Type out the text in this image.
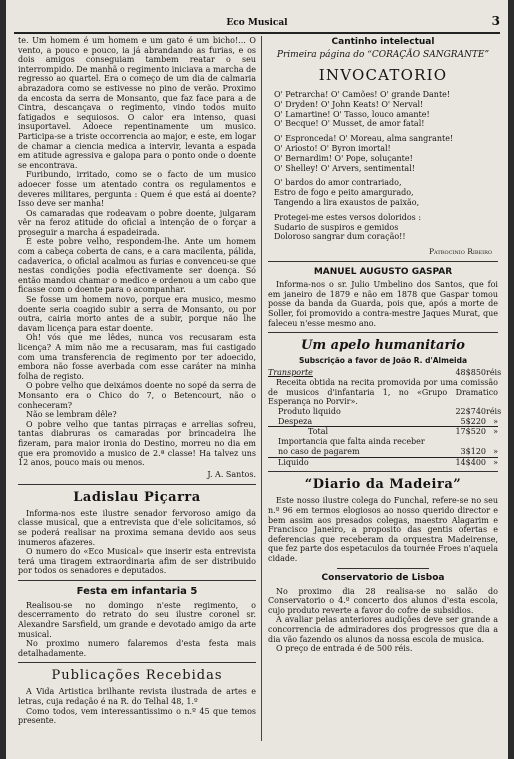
Eco Musical	3

te. Um homem é um homem e um gato é um bicho!... O vento, a pouco e pouco, ia já abrandando as furias, e os dois amigos conseguiam tambem reatar o seu interrompido. De manhã o regimento iniciava a marcha de regresso ao quartel. Era o começo de um dia de calmaria abrazadora como se estivesse no pino de verão. Proximo da encosta da serra de Monsanto, que faz face para a de Cintra, descançava o regimento, vindo todos muito fatigados e sequiosos. O calor era intenso, quasi insuportavel. Adoece repentinamente um musico. Participa-se a triste occorrencia ao major, e este, em logar de chamar a ciencia medica a intervir, levanta a espada em atitude agressiva e galopa para o ponto onde o doente se encontrava.

Furibundo, irritado, como se o facto de um musico adoecer fosse um atentado contra os regulamentos e deveres militares, pergunta : Quem é que está ai doente? Isso deve ser manha!

Os camaradas que rodeavam o pobre doente, julgaram vêr na feroz atitude do oficial a intenção de o forçar a proseguir a marcha á espadeirada.

É este pobre velho, respondem-lhe. Ante um homem com a cabeça coberta de cans, e a cara macilenta, pálida, cadaverica, o oficial acalmou as furias e convenceu-se que nestas condições podia efectivamente ser doença. Só então mandou chamar o medico e ordenou a um cabo que ficasse com o doente para o acompanhar.

Se fosse um homem novo, porque era musico, mesmo doente seria coagido subir a serra de Monsanto, ou por outra, cairia morto antes de a subir, porque não lhe davam licença para estar doente.

Oh! vós que me lêdes, nunca vos recusaram esta licença? A mim não me a recusaram, mas fui castigado com uma transferencia de regimento por ter adoecido, embora não fosse averbada com esse caráter na minha folha de registo.

O pobre velho que deixámos doente no sopé da serra de Monsanto era o Chico do 7, o Betencourt, não o conheceram?

Não se lembram dêle?

O pobre velho que tantas pirraças e arrelias sofreu, tantas diabruras os camaradas por brincadeira lhe fizeram, para maior ironia do Destino, morreu no dia em que era promovido a musico de 2.ª classe! Ha talvez uns 12 anos, pouco mais ou menos.

J. A. Santos.
Ladislau Piçarra

Informa-nos este ilustre senador fervoroso amigo da classe musical, que a entrevista que d'ele solicitamos, só se poderá realisar na proxima semana devido aos seus inumeros afazeres.

O numero do «Eco Musical» que inserir esta entrevista terá uma tiragem extraordinaria afim de ser distribuido por todos os senadores e deputados.

Festa em infantaria 5

Realisou-se no domingo n'este regimento, o descerramento do retrato do seu ilustre coronel sr. Alexandre Sarsfield, um grande e devotado amigo da arte musical.

No proximo numero falaremos d'esta festa mais detalhadamente.

Publicações Recebidas

A Vida Artistica brilhante revista ilustrada de artes e letras, cuja redação é na R. do Telhal 48, 1.º

Como todos, vem interessantissimo o n.º 45 que temos presente.

Cantinho intelectual
Primeira página do “CORAÇÃO SANGRANTE”
INVOCATORIO
O' Petrarcha! O' Camões! O' grande Dante!
O' Dryden! O' John Keats! O' Nerval!
O' Lamartine! O' Tasso, louco amante!
O' Becque! O' Musset, de amor fatal!
O' Espronceda! O' Moreau, alma sangrante!
O' Ariosto! O' Byron imortal!
O' Bernardim! O' Pope, soluçante!
O' Shelley! O' Arvers, sentimental!
O' bardos do amor contrariado,
Estro de fogo e peito amargurado,
Tangendo a lira exaustos de paixão,
Protegei-me estes versos doloridos :
Sudario de suspiros e gemidos
Doloroso sangrar dum coração!!
Patrocinio Ribeiro
MANUEL AUGUSTO GASPAR

Informa-nos o sr. Julio Umbelino dos Santos, que foi em janeiro de 1879 e não em 1878 que Gaspar tomou posse da banda da Guarda, pois que, após a morte de Soller, foi promovido a contra-mestre Jaques Murat, que faleceu n'esse mesmo ano.

Um apelo humanitario
Subscrição a favor de João R. d'Almeida
Transporte	48$850 réis

Receita obtida na recita promovida por uma comissão de musicos d'infantaria 1, no «Grupo Dramatico Esperança no Porvir».

Produto liquido	22$740 réis
Despeza	5$220 »
Total	17$520 »
Importancia que falta ainda receber no caso de pagarem	3$120 »
Liquido	14$400 »
“Diario da Madeira”

Este nosso ilustre colega do Funchal, refere-se no seu n.º 96 em termos elogiosos ao nosso querido director e bem assim aos presados colegas, maestro Alagarim e Francisco Janeiro, a proposito das gentis ofertas e deferencias que receberam da orquestra Madeirense, que fez parte dos espetaculos da tournée Froes n'aquela cidade.

Conservatorio de Lisboa

No proximo dia 28 realisa-se no salão do Conservatorio o 4.º concerto dos alunos d'esta escola, cujo produto reverte a favor do cofre de subsidios.

A avaliar pelas anteriores audições deve ser grande a concorrencia de admiradores dos progressos que dia a dia vão fazendo os alunos da nossa escola de musica.

O preço de entrada é de 500 réis.
